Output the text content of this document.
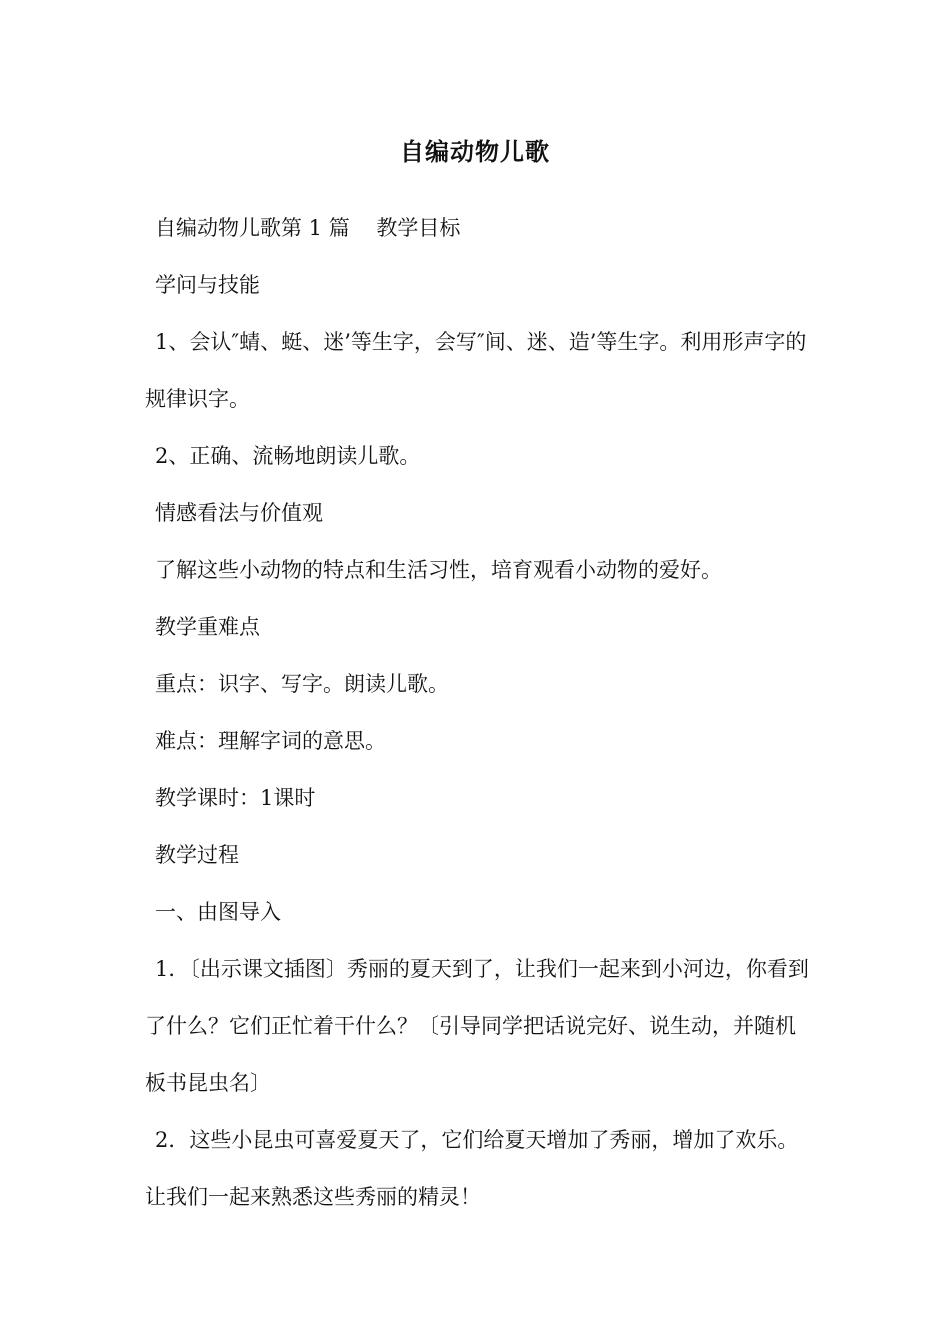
自编动物儿歌

自编动物儿歌第 1 篇    教学目标

学问与技能

1、会认″蜻、蜓、迷’等生字，会写″间、迷、造’等生字。利用形声字的规律识字。

2、正确、流畅地朗读儿歌。

情感看法与价值观

了解这些小动物的特点和生活习性，培育观看小动物的爱好。

教学重难点

重点：识字、写字。朗读儿歌。

难点：理解字词的意思。

教学课时：1课时

教学过程

一、由图导入

1．〔出示课文插图〕秀丽的夏天到了，让我们一起来到小河边，你看到了什么？它们正忙着干什么？〔引导同学把话说完好、说生动，并随机板书昆虫名〕

2．这些小昆虫可喜爱夏天了，它们给夏天增加了秀丽，增加了欢乐。让我们一起来熟悉这些秀丽的精灵！
